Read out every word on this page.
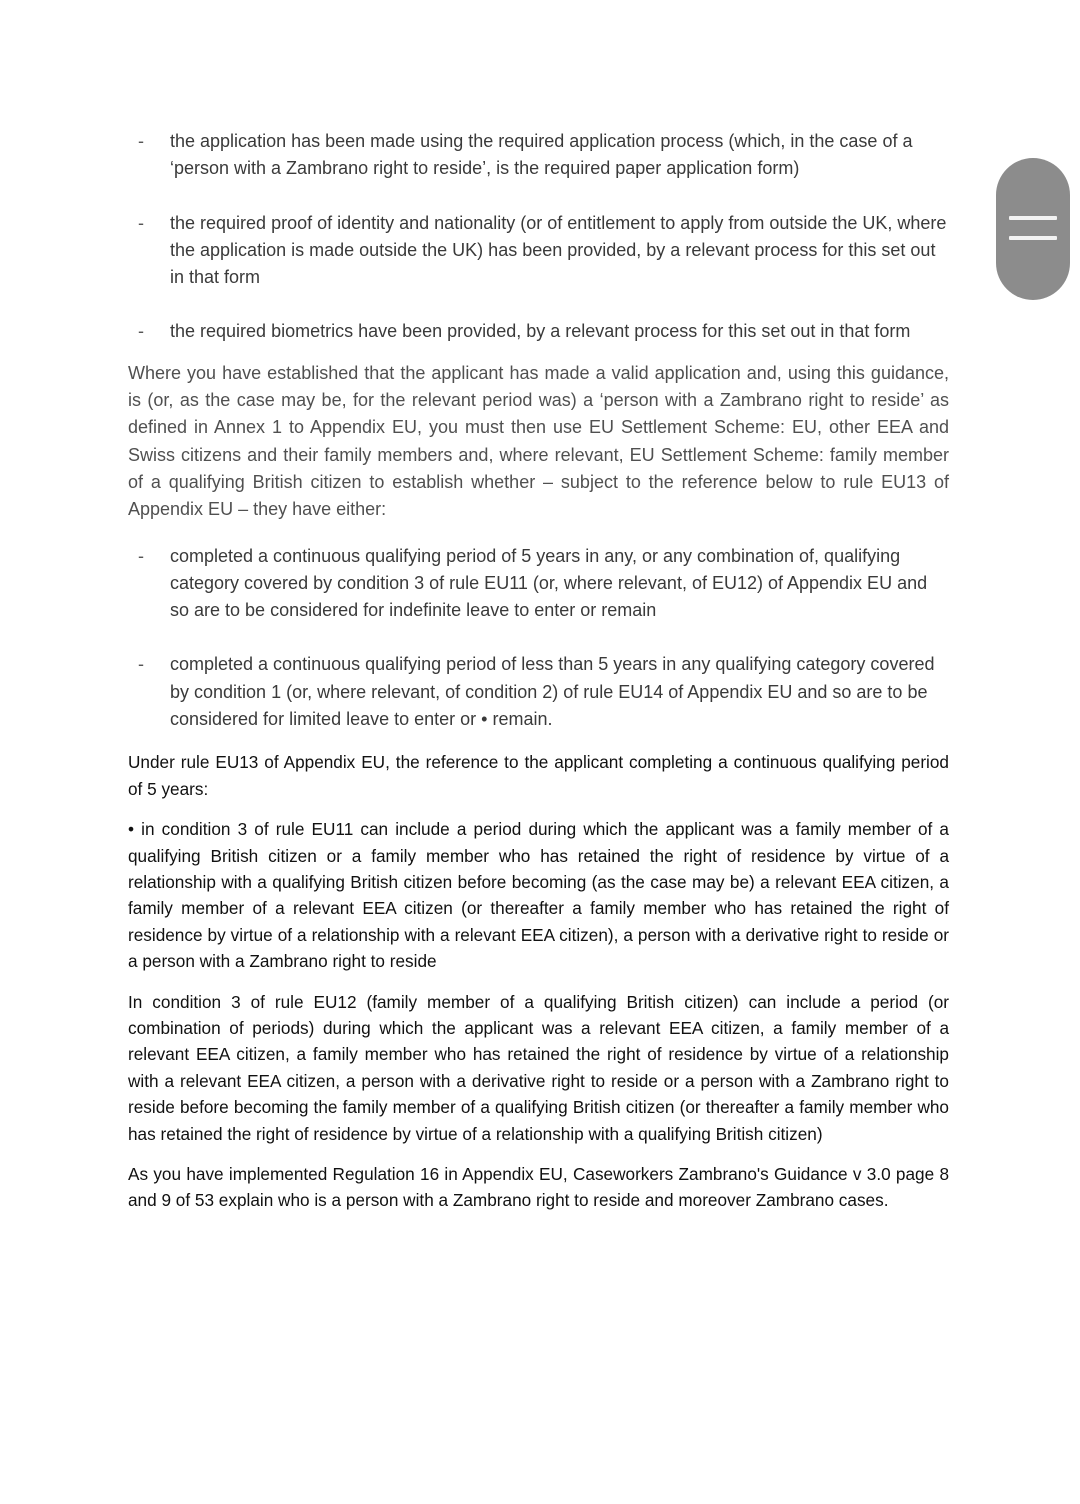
- the application has been made using the required application process (which, in the case of a ‘person with a Zambrano right to reside’, is the required paper application form)
- the required proof of identity and nationality (or of entitlement to apply from outside the UK, where the application is made outside the UK) has been provided, by a relevant process for this set out in that form
- the required biometrics have been provided, by a relevant process for this set out in that form

Where you have established that the applicant has made a valid application and, using this guidance, is (or, as the case may be, for the relevant period was) a ‘person with a Zambrano right to reside’ as defined in Annex 1 to Appendix EU, you must then use EU Settlement Scheme: EU, other EEA and Swiss citizens and their family members and, where relevant, EU Settlement Scheme: family member of a qualifying British citizen to establish whether – subject to the reference below to rule EU13 of Appendix EU – they have either:

- completed a continuous qualifying period of 5 years in any, or any combination of, qualifying category covered by condition 3 of rule EU11 (or, where relevant, of EU12) of Appendix EU and so are to be considered for indefinite leave to enter or remain
- completed a continuous qualifying period of less than 5 years in any qualifying category covered by condition 1 (or, where relevant, of condition 2) of rule EU14 of Appendix EU and so are to be considered for limited leave to enter or • remain.

Under rule EU13 of Appendix EU, the reference to the applicant completing a continuous qualifying period of 5 years:

• in condition 3 of rule EU11 can include a period during which the applicant was a family member of a qualifying British citizen or a family member who has retained the right of residence by virtue of a relationship with a qualifying British citizen before becoming (as the case may be) a relevant EEA citizen, a family member of a relevant EEA citizen (or thereafter a family member who has retained the right of residence by virtue of a relationship with a relevant EEA citizen), a person with a derivative right to reside or a person with a Zambrano right to reside

In condition 3 of rule EU12 (family member of a qualifying British citizen) can include a period (or combination of periods) during which the applicant was a relevant EEA citizen, a family member of a relevant EEA citizen, a family member who has retained the right of residence by virtue of a relationship with a relevant EEA citizen, a person with a derivative right to reside or a person with a Zambrano right to reside before becoming the family member of a qualifying British citizen (or thereafter a family member who has retained the right of residence by virtue of a relationship with a qualifying British citizen)

As you have implemented Regulation 16 in Appendix EU, Caseworkers Zambrano's Guidance v 3.0 page 8 and 9 of 53 explain who is a person with a Zambrano right to reside and moreover Zambrano cases.
